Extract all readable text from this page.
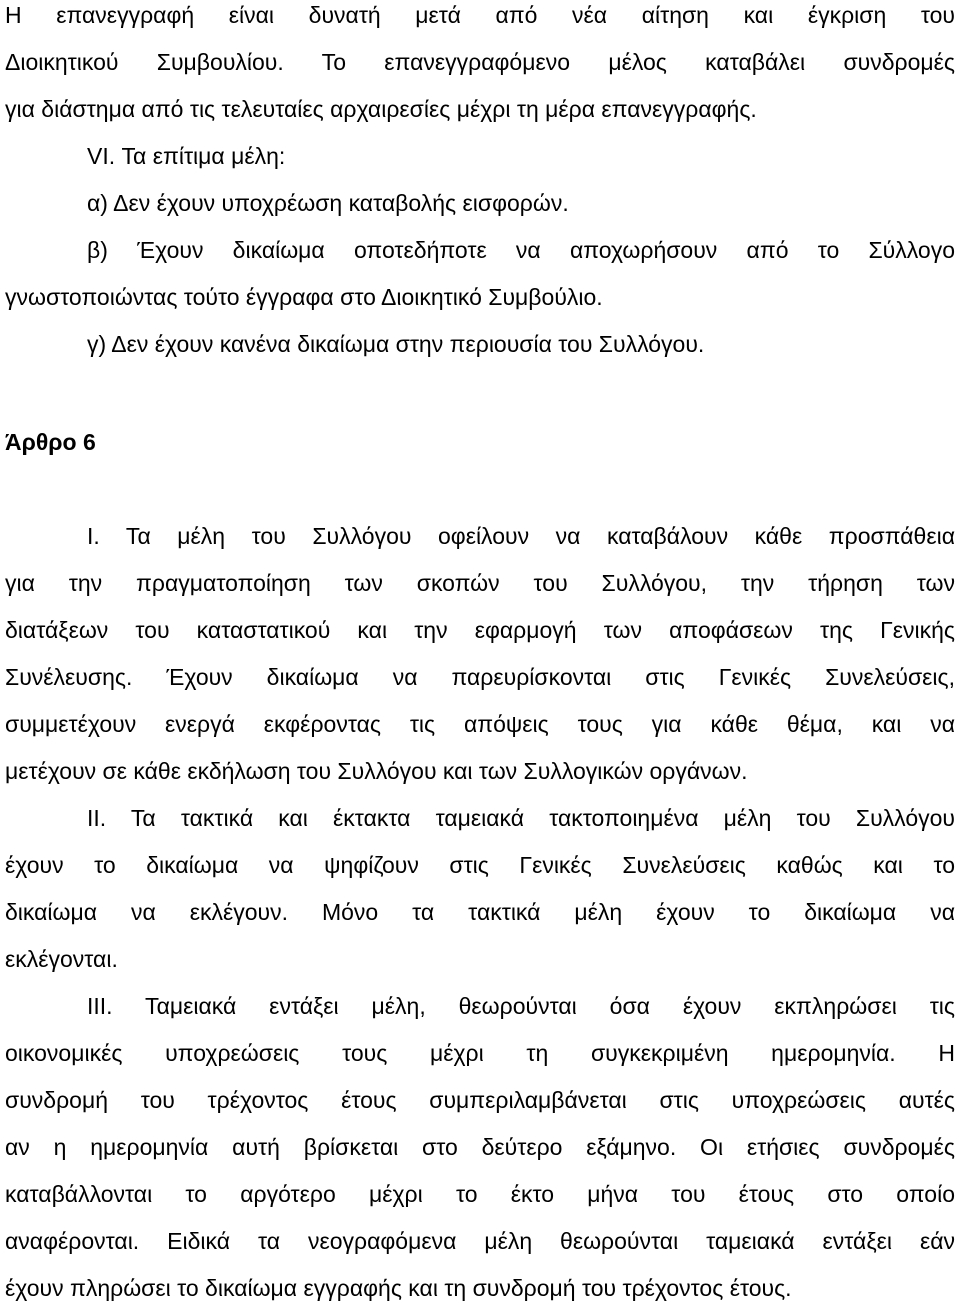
Η επανεγγραφή είναι δυνατή μετά από νέα αίτηση και έγκριση του
Διοικητικού Συμβουλίου. Το επανεγγραφόμενο μέλος καταβάλει συνδρομές
για διάστημα από τις τελευταίες αρχαιρεσίες μέχρι τη μέρα επανεγγραφής.
VI. Τα επίτιμα μέλη:
α) Δεν έχουν υποχρέωση καταβολής εισφορών.
β) Έχουν δικαίωμα οποτεδήποτε να αποχωρήσουν από το Σύλλογο
γνωστοποιώντας τούτο έγγραφα στο Διοικητικό Συμβούλιο.
γ) Δεν έχουν κανένα δικαίωμα στην περιουσία του Συλλόγου.
Άρθρο 6
Ι. Τα μέλη του Συλλόγου οφείλουν να καταβάλουν κάθε προσπάθεια
για την πραγματοποίηση των σκοπών του Συλλόγου, την τήρηση των
διατάξεων του καταστατικού και την εφαρμογή των αποφάσεων της Γενικής
Συνέλευσης. Έχουν δικαίωμα να παρευρίσκονται στις Γενικές Συνελεύσεις,
συμμετέχουν ενεργά εκφέροντας τις απόψεις τους για κάθε θέμα, και να
μετέχουν σε κάθε εκδήλωση του Συλλόγου και των Συλλογικών οργάνων.
ΙΙ. Τα τακτικά και έκτακτα ταμειακά τακτοποιημένα μέλη του Συλλόγου
έχουν το δικαίωμα να ψηφίζουν στις Γενικές Συνελεύσεις καθώς και το
δικαίωμα να εκλέγουν. Μόνο τα τακτικά μέλη έχουν το δικαίωμα να
εκλέγονται.
ΙΙΙ. Ταμειακά εντάξει μέλη, θεωρούνται όσα έχουν εκπληρώσει τις
οικονομικές υποχρεώσεις τους μέχρι τη συγκεκριμένη ημερομηνία. Η
συνδρομή του τρέχοντος έτους συμπεριλαμβάνεται στις υποχρεώσεις αυτές
αν η ημερομηνία αυτή βρίσκεται στο δεύτερο εξάμηνο. Οι ετήσιες συνδρομές
καταβάλλονται το αργότερο μέχρι το έκτο μήνα του έτους στο οποίο
αναφέρονται. Ειδικά τα νεογραφόμενα μέλη θεωρούνται ταμειακά εντάξει εάν
έχουν πληρώσει το δικαίωμα εγγραφής και τη συνδρομή του τρέχοντος έτους.
